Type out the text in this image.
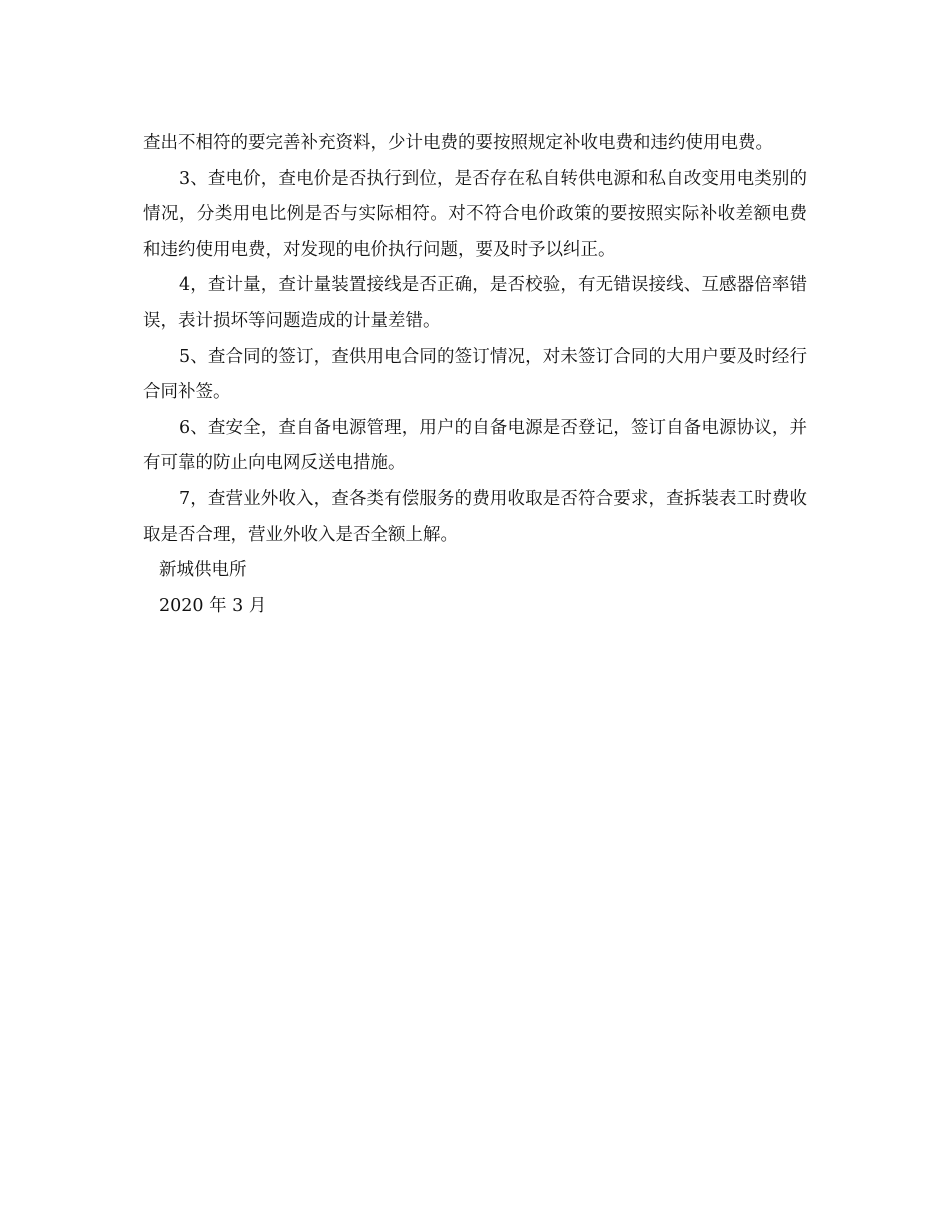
查出不相符的要完善补充资料，少计电费的要按照规定补收电费和违约使用电费。

3、查电价，查电价是否执行到位，是否存在私自转供电源和私自改变用电类别的情况，分类用电比例是否与实际相符。对不符合电价政策的要按照实际补收差额电费和违约使用电费，对发现的电价执行问题，要及时予以纠正。

4，查计量，查计量装置接线是否正确，是否校验，有无错误接线、互感器倍率错误，表计损坏等问题造成的计量差错。

5、查合同的签订，查供用电合同的签订情况，对未签订合同的大用户要及时经行合同补签。

6、查安全，查自备电源管理，用户的自备电源是否登记，签订自备电源协议，并有可靠的防止向电网反送电措施。

7，查营业外收入，查各类有偿服务的费用收取是否符合要求，查拆装表工时费收取是否合理，营业外收入是否全额上解。

新城供电所

2020 年 3 月
